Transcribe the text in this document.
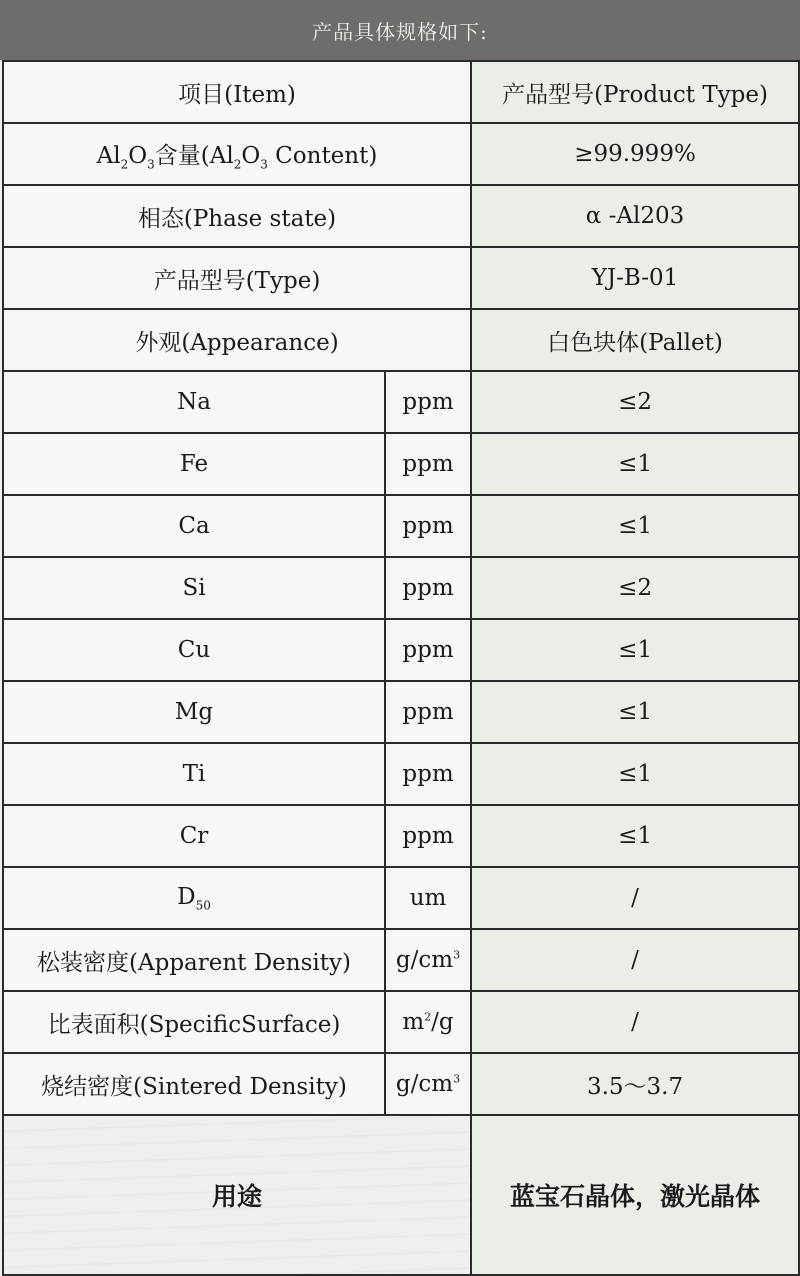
产品具体规格如下:
项目(Item)		产品型号(Product Type)
$Al_2O_3$含量($Al_2O_3$ Content)		≥99.999%
相态(Phase state)		α -Al203
产品型号(Type)		YJ-B-01
外观(Appearance)		白色块体(Pallet)
Na	ppm	≤2
Fe	ppm	≤1
Ca	ppm	≤1
Si	ppm	≤2
Cu	ppm	≤1
Mg	ppm	≤1
Ti	ppm	≤1
Cr	ppm	≤1
$D_{50}$	um	/
松装密度(Apparent Density)	$g/cm^3$	/
比表面积(SpecificSurface)	$m^2/g$	/
烧结密度(Sintered Density)	$g/cm^3$	3.5～3.7
用途		蓝宝石晶体，激光晶体
